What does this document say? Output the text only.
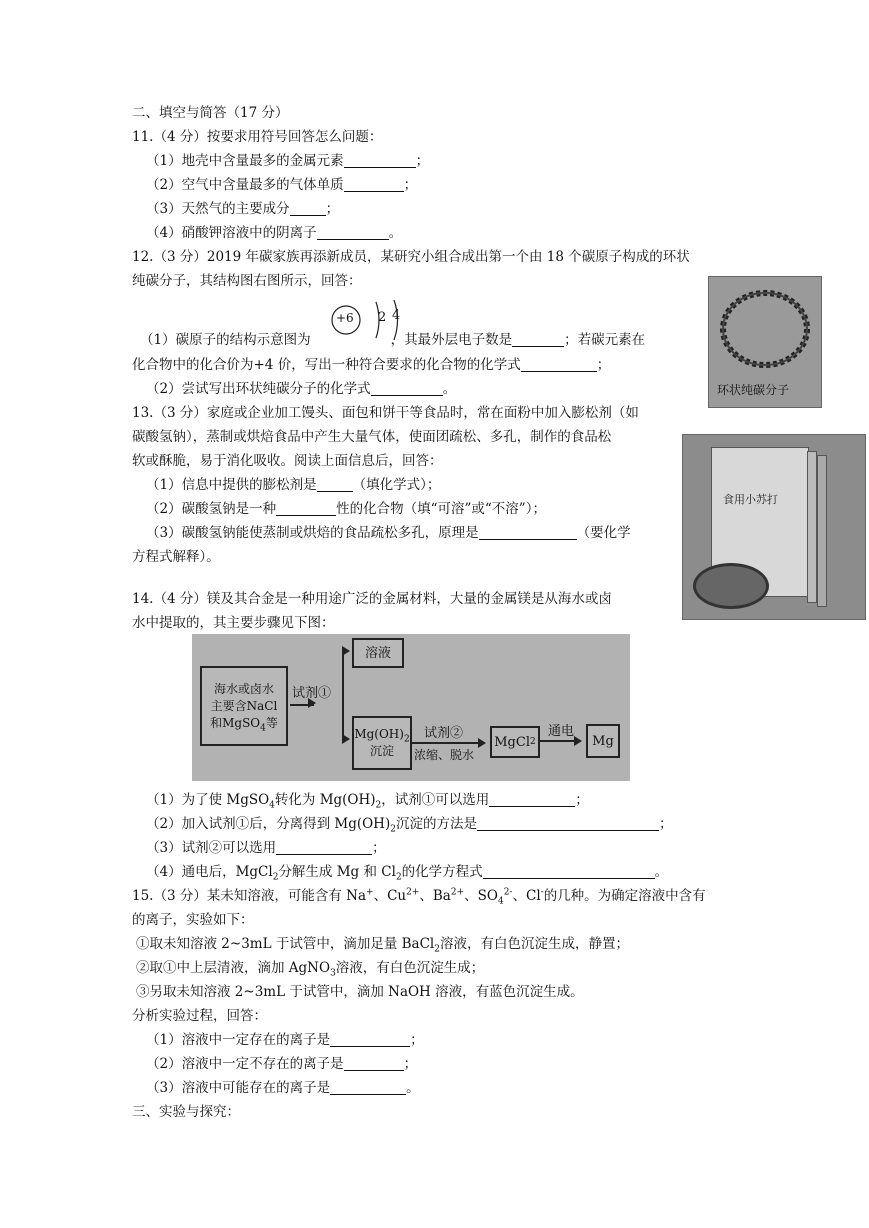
二、填空与简答（17 分）
11.（4 分）按要求用符号回答怎么问题：
（1）地壳中含量最多的金属元素	；
（2）空气中含量最多的气体单质	；
（3）天然气的主要成分	；
（4）硝酸钾溶液中的阴离子	。
12.（3 分）2019 年碳家族再添新成员，某研究小组合成出第一个由 18 个碳原子构成的环状
纯碳分子，其结构图右图所示，回答：
+6 2 4
（1）碳原子的结构示意图为	，其最外层电子数是	；若碳元素在
化合物中的化合价为+4 价，写出一种符合要求的化合物的化学式	；
（2）尝试写出环状纯碳分子的化学式	。	环状纯碳分子
13.（3 分）家庭或企业加工馒头、面包和饼干等食品时，常在面粉中加入膨松剂（如
碳酸氢钠），蒸制或烘焙食品中产生大量气体，使面团疏松、多孔，制作的食品松
软或酥脆，易于消化吸收。阅读上面信息后，回答：
（1）信息中提供的膨松剂是	（填化学式）；
（2）碳酸氢钠是一种	性的化合物（填“可溶”或“不溶”）；
（3）碳酸氢钠能使蒸制或烘焙的食品疏松多孔，原理是	（要化学
方程式解释）。
食用小苏打
14.（4 分）镁及其合金是一种用途广泛的金属材料，大量的金属镁是从海水或卤
水中提取的，其主要步骤见下图：
海水或卤水
主要含NaCl
和MgSO$_4$等
试剂①
溶液
$Mg(OH)_2$
沉淀
试剂②
浓缩、脱水
MgCl 2
通电
Mg
（1）为了使 MgSO$_4$转化为 $Mg(OH)_2$，试剂①可以选用	；
（2）加入试剂①后，分离得到 $Mg(OH)_2$沉淀的方法是	；
（3）试剂②可以选用	；
（4）通电后，MgCl$_2$分解生成 Mg 和 $Cl_2$的化学方程式	。
15.（3 分）某未知溶液，可能含有 Na+、$Cu^{2+}$、$Ba^{2+}$、$SO_4^{2-}$、Cl-的几种。为确定溶液中含有
的离子，实验如下：
①取未知溶液 2~3mL 于试管中，滴加足量 BaCl$_2$溶液，有白色沉淀生成，静置；
②取①中上层清液，滴加 AgNO$_3$溶液，有白色沉淀生成；
③另取未知溶液 2~3mL 于试管中，滴加 NaOH 溶液，有蓝色沉淀生成。
分析实验过程，回答：
（1）溶液中一定存在的离子是	；
（2）溶液中一定不存在的离子是	；
（3）溶液中可能存在的离子是	。
三、实验与探究：
